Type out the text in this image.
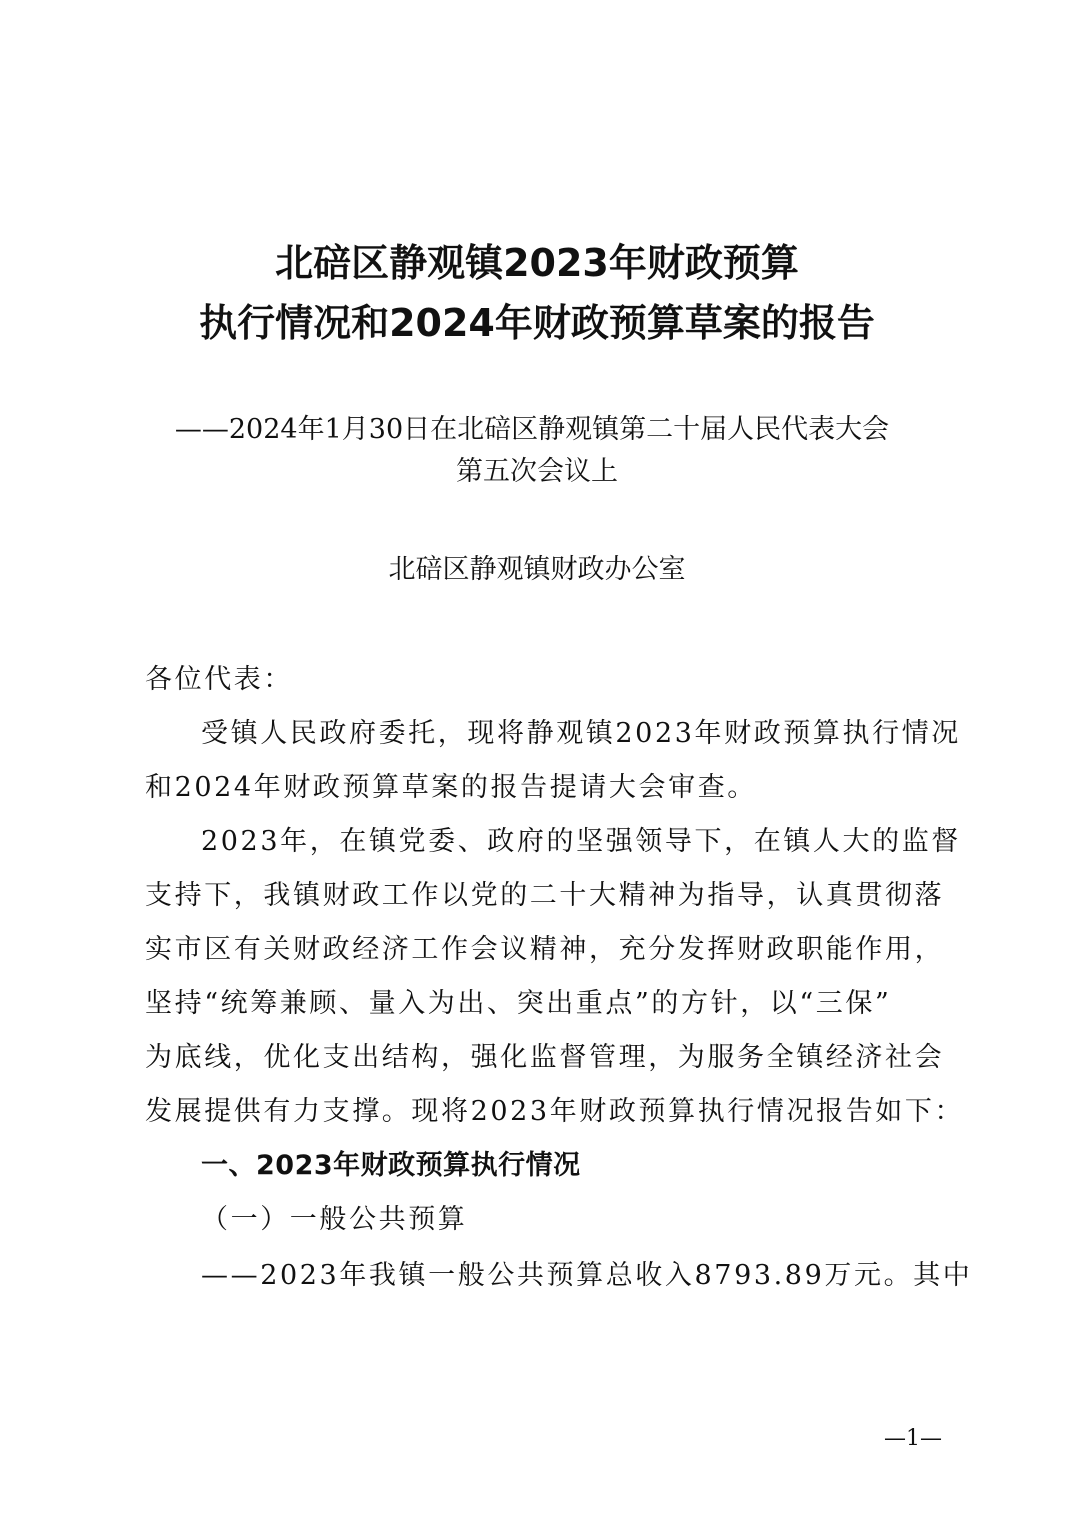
北碚区静观镇2023年财政预算
执行情况和2024年财政预算草案的报告
——2024年1月30日在北碚区静观镇第二十届人民代表大会
第五次会议上
北碚区静观镇财政办公室
各位代表：
受镇人民政府委托，现将静观镇2023年财政预算执行情况
和2024年财政预算草案的报告提请大会审查。
2023年，在镇党委、政府的坚强领导下，在镇人大的监督
支持下，我镇财政工作以党的二十大精神为指导，认真贯彻落
实市区有关财政经济工作会议精神，充分发挥财政职能作用，
坚持“统筹兼顾、量入为出、突出重点”的方针，以“三保”
为底线，优化支出结构，强化监督管理，为服务全镇经济社会
发展提供有力支撑。现将2023年财政预算执行情况报告如下：
一、2023年财政预算执行情况
（一）一般公共预算
——2023年我镇一般公共预算总收入8793.89万元。其中
—1—
